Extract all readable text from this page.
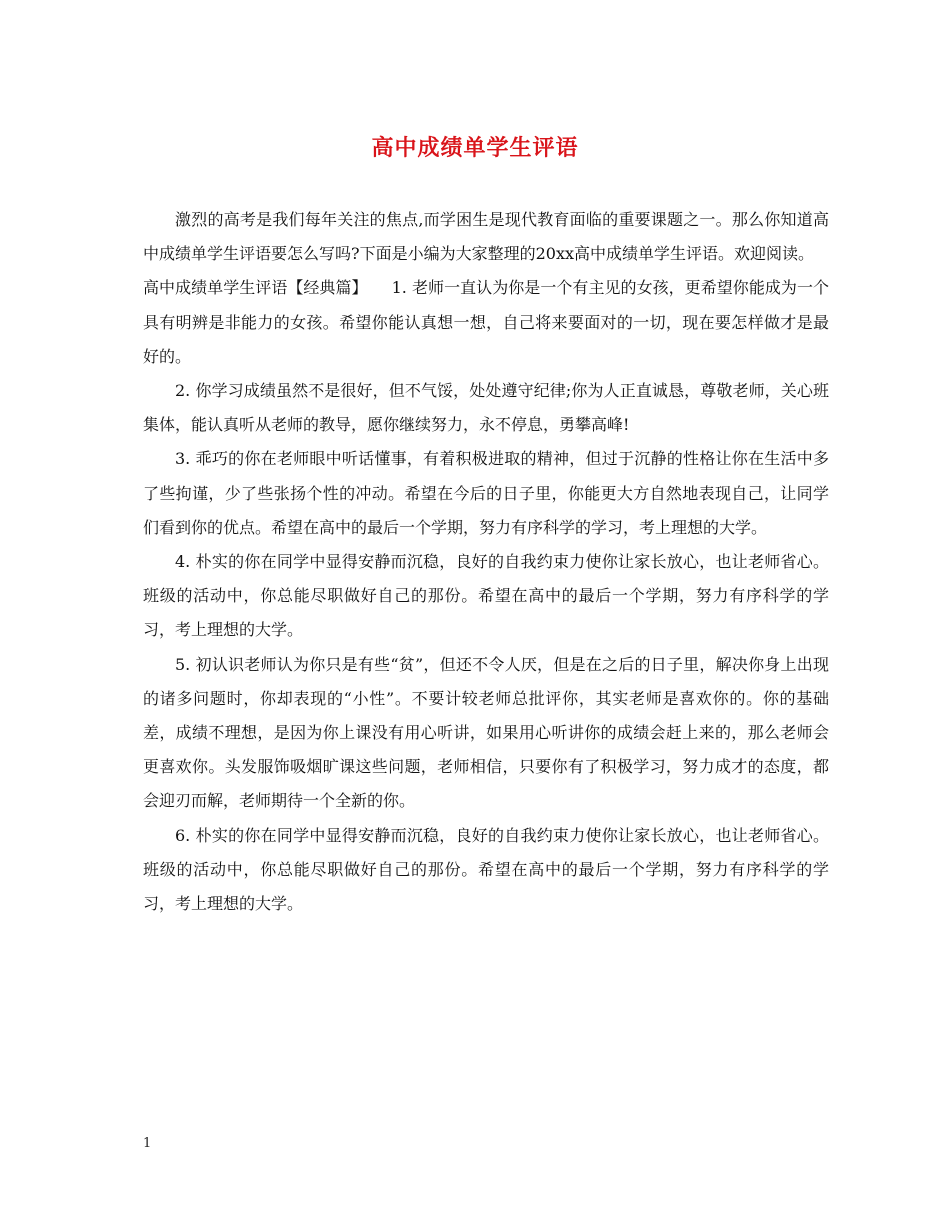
高中成绩单学生评语

激烈的高考是我们每年关注的焦点,而学困生是现代教育面临的重要课题之一。那么你知道高中成绩单学生评语要怎么写吗?下面是小编为大家整理的20xx高中成绩单学生评语。欢迎阅读。

高中成绩单学生评语【经典篇】　　1. 老师一直认为你是一个有主见的女孩，更希望你能成为一个具有明辨是非能力的女孩。希望你能认真想一想，自己将来要面对的一切，现在要怎样做才是最好的。

2. 你学习成绩虽然不是很好，但不气馁，处处遵守纪律;你为人正直诚恳，尊敬老师，关心班集体，能认真听从老师的教导，愿你继续努力，永不停息，勇攀高峰!

3. 乖巧的你在老师眼中听话懂事，有着积极进取的精神，但过于沉静的性格让你在生活中多了些拘谨，少了些张扬个性的冲动。希望在今后的日子里，你能更大方自然地表现自己，让同学们看到你的优点。希望在高中的最后一个学期，努力有序科学的学习，考上理想的大学。

4. 朴实的你在同学中显得安静而沉稳，良好的自我约束力使你让家长放心，也让老师省心。班级的活动中，你总能尽职做好自己的那份。希望在高中的最后一个学期，努力有序科学的学习，考上理想的大学。

5. 初认识老师认为你只是有些“贫”，但还不令人厌，但是在之后的日子里，解决你身上出现的诸多问题时，你却表现的“小性”。不要计较老师总批评你，其实老师是喜欢你的。你的基础差，成绩不理想，是因为你上课没有用心听讲，如果用心听讲你的成绩会赶上来的，那么老师会更喜欢你。头发服饰吸烟旷课这些问题，老师相信，只要你有了积极学习，努力成才的态度，都会迎刃而解，老师期待一个全新的你。

6. 朴实的你在同学中显得安静而沉稳，良好的自我约束力使你让家长放心，也让老师省心。班级的活动中，你总能尽职做好自己的那份。希望在高中的最后一个学期，努力有序科学的学习，考上理想的大学。

1
